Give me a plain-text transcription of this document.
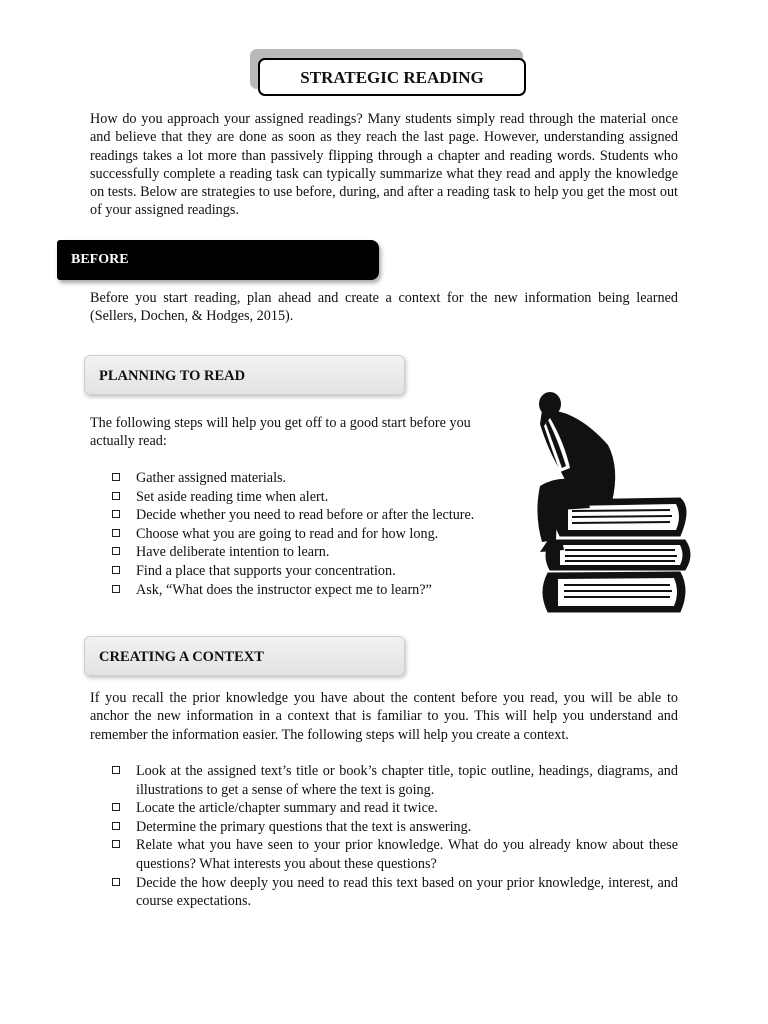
STRATEGIC READING

How do you approach your assigned readings? Many students simply read through the material once and believe that they are done as soon as they reach the last page. However, understanding assigned readings takes a lot more than passively flipping through a chapter and reading words. Students who successfully complete a reading task can typically summarize what they read and apply the knowledge on tests. Below are strategies to use before, during, and after a reading task to help you get the most out of your assigned readings.

BEFORE

Before you start reading, plan ahead and create a context for the new information being learned (Sellers, Dochen, & Hodges, 2015).

PLANNING TO READ

The following steps will help you get off to a good start before you actually read:

Gather assigned materials.
Set aside reading time when alert.
Decide whether you need to read before or after the lecture.
Choose what you are going to read and for how long.
Have deliberate intention to learn.
Find a place that supports your concentration.
Ask, “What does the instructor expect me to learn?”
CREATING A CONTEXT

If you recall the prior knowledge you have about the content before you read, you will be able to anchor the new information in a context that is familiar to you. This will help you understand and remember the information easier. The following steps will help you create a context.

Look at the assigned text’s title or book’s chapter title, topic outline, headings, diagrams, and illustrations to get a sense of where the text is going.
Locate the article/chapter summary and read it twice.
Determine the primary questions that the text is answering.
Relate what you have seen to your prior knowledge. What do you already know about these questions? What interests you about these questions?
Decide the how deeply you need to read this text based on your prior knowledge, interest, and course expectations.
